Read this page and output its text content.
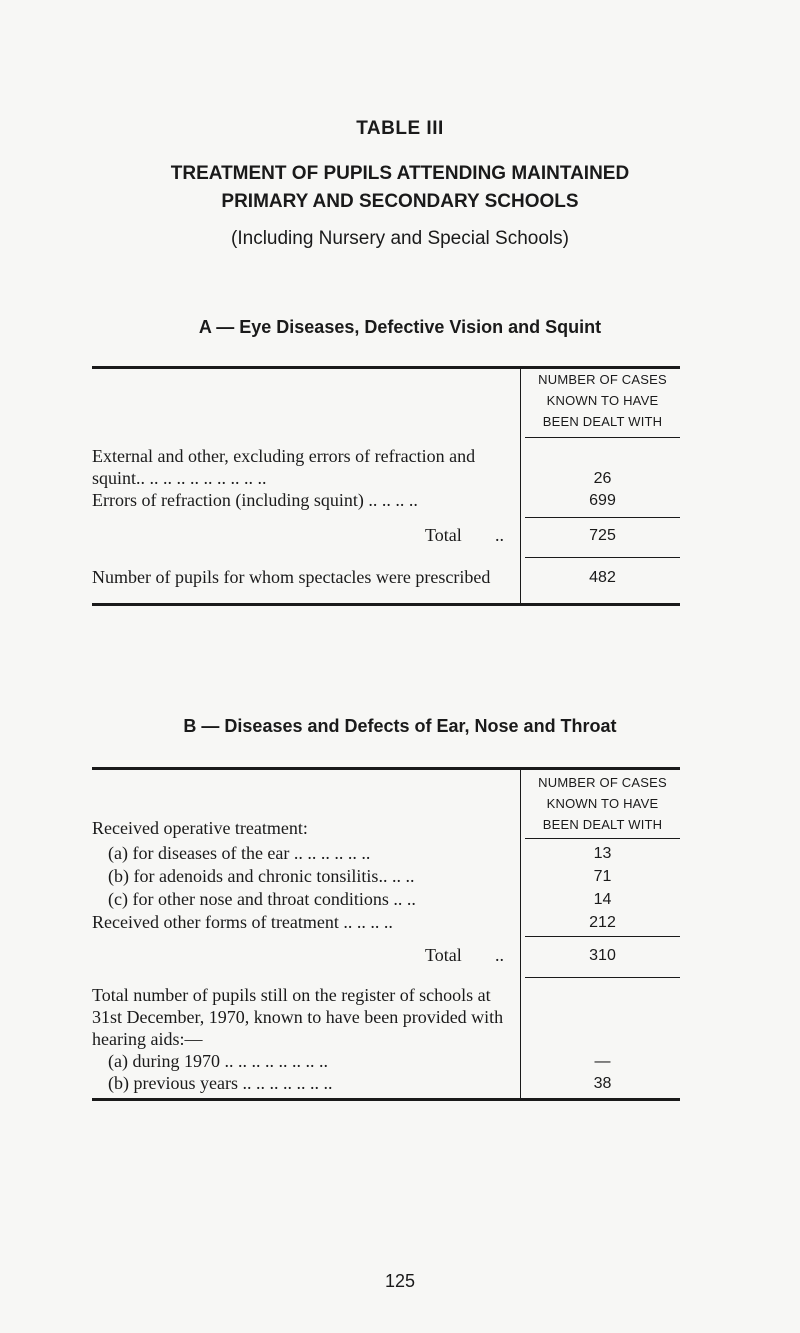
TABLE III
TREATMENT OF PUPILS ATTENDING MAINTAINED
PRIMARY AND SECONDARY SCHOOLS
(Including Nursery and Special Schools)
A — Eye Diseases, Defective Vision and Squint
NUMBER OF CASES
KNOWN TO HAVE
BEEN DEALT WITH
External and other, excluding errors of refraction and
squint.. .. .. .. .. .. .. .. .. ..	26
Errors of refraction (including squint) .. .. .. ..	699
Total ..	725
Number of pupils for whom spectacles were prescribed	482
B — Diseases and Defects of Ear, Nose and Throat
NUMBER OF CASES
KNOWN TO HAVE
BEEN DEALT WITH
Received operative treatment:
(a) for diseases of the ear .. .. .. .. .. ..	13
(b) for adenoids and chronic tonsilitis.. .. ..	71
(c) for other nose and throat conditions .. ..	14
Received other forms of treatment .. .. .. ..	212
Total ..	310
Total number of pupils still on the register of schools at
31st December, 1970, known to have been provided with
hearing aids:—
(a) during 1970 .. .. .. .. .. .. .. ..	—
(b) previous years .. .. .. .. .. .. ..	38
125
